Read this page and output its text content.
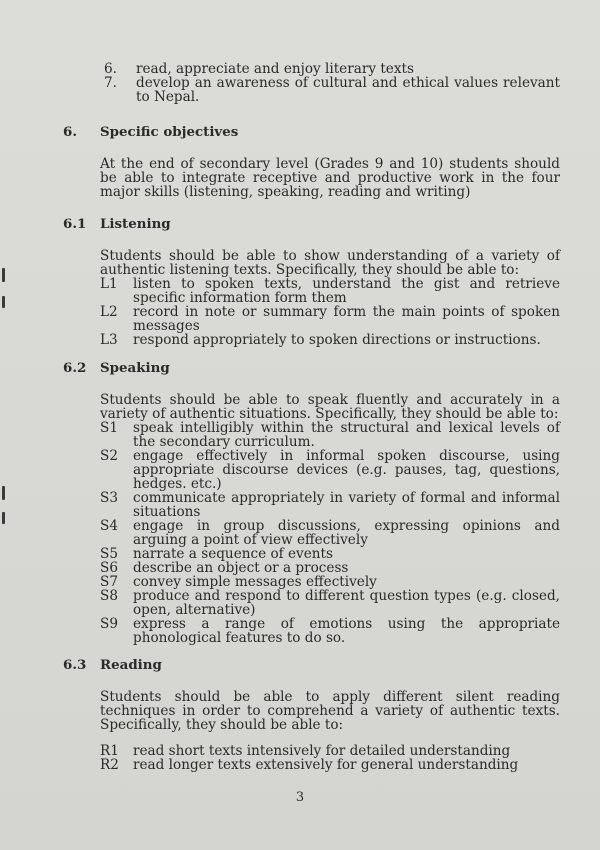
6.	read, appreciate and enjoy literary texts
7.	develop an awareness of cultural and ethical values relevant to Nepal.
6.	Specific objectives
At the end of secondary level (Grades 9 and 10) students should be able to integrate receptive and productive work in the four major skills (listening, speaking, reading and writing)
6.1	Listening
Students should be able to show understanding of a variety of authentic listening texts. Specifically, they should be able to:
L1	listen to spoken texts, understand the gist and retrieve specific information form them
L2	record in note or summary form the main points of spoken messages
L3	respond appropriately to spoken directions or instructions.
6.2	Speaking
Students should be able to speak fluently and accurately in a variety of authentic situations. Specifically, they should be able to:
S1	speak intelligibly within the structural and lexical levels of the secondary curriculum.
S2	engage effectively in informal spoken discourse, using appropriate discourse devices (e.g. pauses, tag, questions, hedges. etc.)
S3	communicate appropriately in variety of formal and informal situations
S4	engage in group discussions, expressing opinions and arguing a point of view effectively
S5	narrate a sequence of events
S6	describe an object or a process
S7	convey simple messages effectively
S8	produce and respond to different question types (e.g. closed, open, alternative)
S9	express a range of emotions using the appropriate phonological features to do so.
6.3	Reading
Students should be able to apply different silent reading techniques in order to comprehend a variety of authentic texts. Specifically, they should be able to:
R1	read short texts intensively for detailed understanding
R2	read longer texts extensively for general understanding
3
